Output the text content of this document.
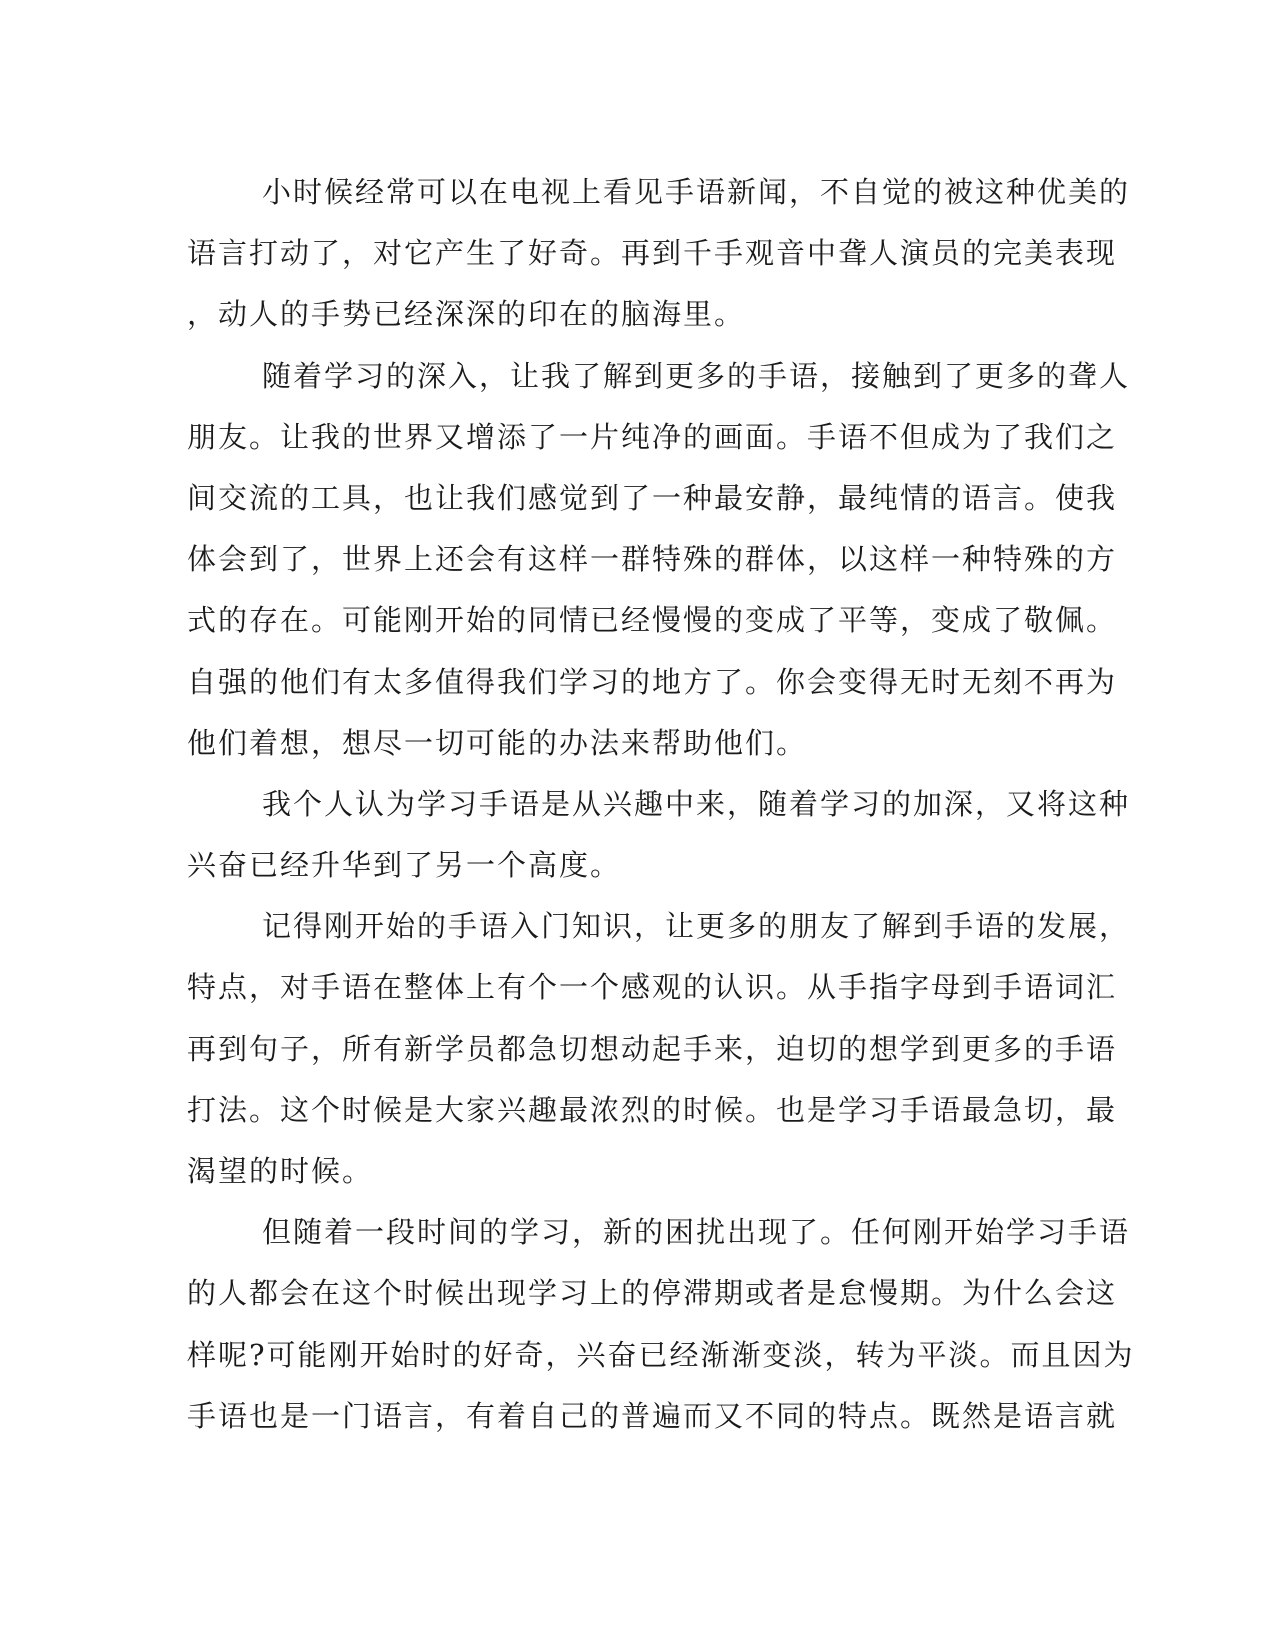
小时候经常可以在电视上看见手语新闻，不自觉的被这种优美的
语言打动了，对它产生了好奇。再到千手观音中聋人演员的完美表现
，动人的手势已经深深的印在的脑海里。
随着学习的深入，让我了解到更多的手语，接触到了更多的聋人
朋友。让我的世界又增添了一片纯净的画面。手语不但成为了我们之
间交流的工具，也让我们感觉到了一种最安静，最纯情的语言。使我
体会到了，世界上还会有这样一群特殊的群体，以这样一种特殊的方
式的存在。可能刚开始的同情已经慢慢的变成了平等，变成了敬佩。
自强的他们有太多值得我们学习的地方了。你会变得无时无刻不再为
他们着想，想尽一切可能的办法来帮助他们。
我个人认为学习手语是从兴趣中来，随着学习的加深，又将这种
兴奋已经升华到了另一个高度。
记得刚开始的手语入门知识，让更多的朋友了解到手语的发展，
特点，对手语在整体上有个一个感观的认识。从手指字母到手语词汇
再到句子，所有新学员都急切想动起手来，迫切的想学到更多的手语
打法。这个时候是大家兴趣最浓烈的时候。也是学习手语最急切，最
渴望的时候。
但随着一段时间的学习，新的困扰出现了。任何刚开始学习手语
的人都会在这个时候出现学习上的停滞期或者是怠慢期。为什么会这
样呢?可能刚开始时的好奇，兴奋已经渐渐变淡，转为平淡。而且因为
手语也是一门语言，有着自己的普遍而又不同的特点。既然是语言就
